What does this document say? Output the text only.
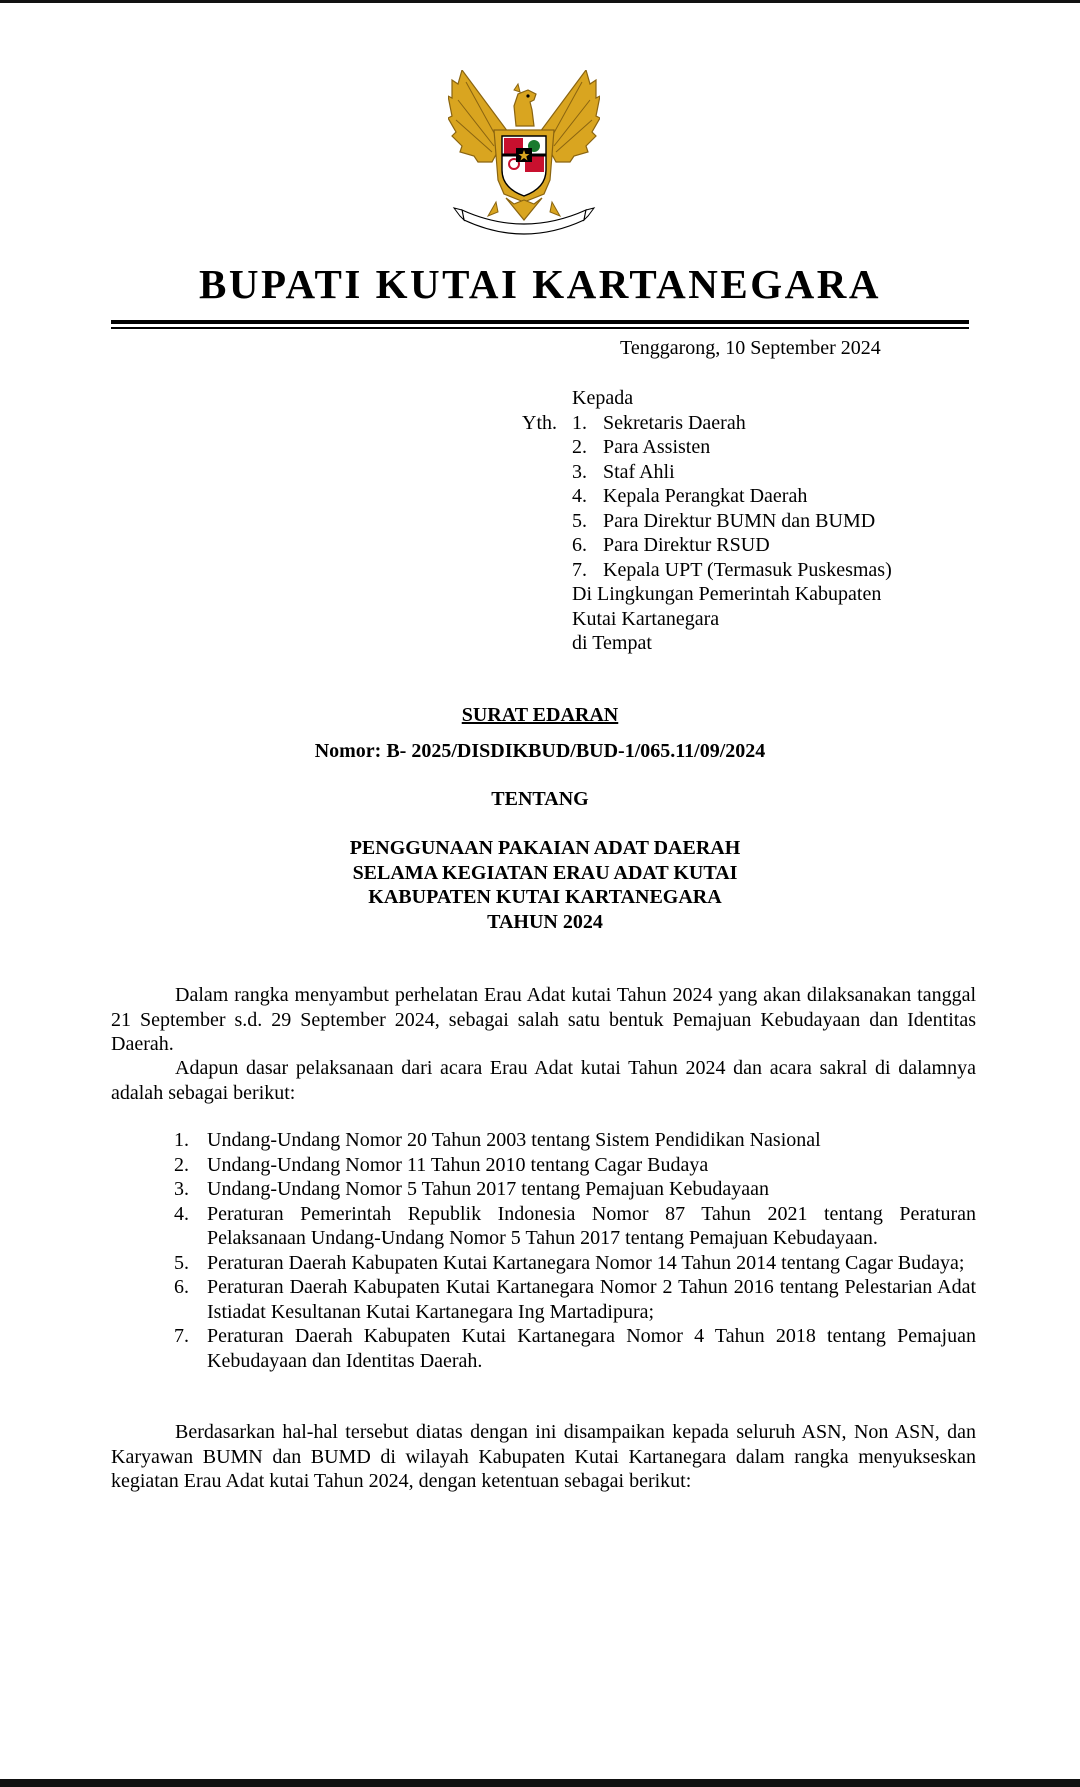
BUPATI KUTAI KARTANEGARA
Tenggarong, 10 September 2024
Kepada
Yth. 1. Sekretaris Daerah
2. Para Assisten
3. Staf Ahli
4. Kepala Perangkat Daerah
5. Para Direktur BUMN dan BUMD
6. Para Direktur RSUD
7. Kepala UPT (Termasuk Puskesmas)
Di Lingkungan Pemerintah Kabupaten
Kutai Kartanegara
di Tempat
SURAT EDARAN
Nomor: B- 2025/DISDIKBUD/BUD-1/065.11/09/2024
TENTANG
PENGGUNAAN PAKAIAN ADAT DAERAH
SELAMA KEGIATAN ERAU ADAT KUTAI
KABUPATEN KUTAI KARTANEGARA
TAHUN 2024
Dalam rangka menyambut perhelatan Erau Adat kutai Tahun 2024 yang akan dilaksanakan tanggal 21 September s.d. 29 September 2024, sebagai salah satu bentuk Pemajuan Kebudayaan dan Identitas Daerah.
Adapun dasar pelaksanaan dari acara Erau Adat kutai Tahun 2024 dan acara sakral di dalamnya adalah sebagai berikut:
1. Undang-Undang Nomor 20 Tahun 2003 tentang Sistem Pendidikan Nasional
2. Undang-Undang Nomor 11 Tahun 2010 tentang Cagar Budaya
3. Undang-Undang Nomor 5 Tahun 2017 tentang Pemajuan Kebudayaan
4. Peraturan Pemerintah Republik Indonesia Nomor 87 Tahun 2021 tentang Peraturan Pelaksanaan Undang-Undang Nomor 5 Tahun 2017 tentang Pemajuan Kebudayaan.
5. Peraturan Daerah Kabupaten Kutai Kartanegara Nomor 14 Tahun 2014 tentang Cagar Budaya;
6. Peraturan Daerah Kabupaten Kutai Kartanegara Nomor 2 Tahun 2016 tentang Pelestarian Adat Istiadat Kesultanan Kutai Kartanegara Ing Martadipura;
7. Peraturan Daerah Kabupaten Kutai Kartanegara Nomor 4 Tahun 2018 tentang Pemajuan Kebudayaan dan Identitas Daerah.
Berdasarkan hal-hal tersebut diatas dengan ini disampaikan kepada seluruh ASN, Non ASN, dan Karyawan BUMN dan BUMD di wilayah Kabupaten Kutai Kartanegara dalam rangka menyukseskan kegiatan Erau Adat kutai Tahun 2024, dengan ketentuan sebagai berikut:
